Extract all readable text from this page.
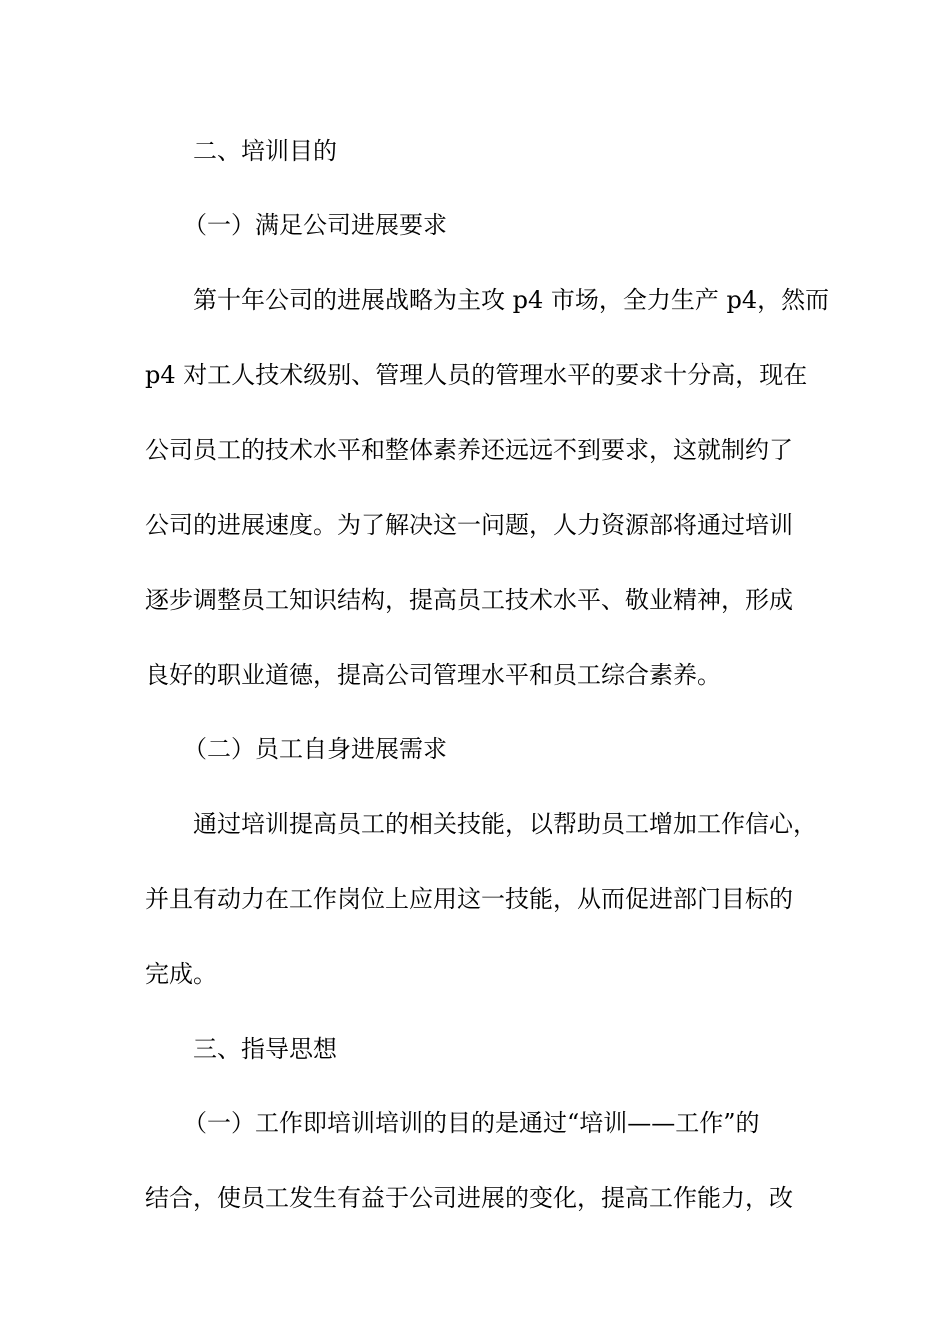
二、培训目的
（一）满足公司进展要求
第十年公司的进展战略为主攻 p4 市场，全力生产 p4，然而
p4 对工人技术级别、管理人员的管理水平的要求十分高，现在
公司员工的技术水平和整体素养还远远不到要求，这就制约了
公司的进展速度。为了解决这一问题，人力资源部将通过培训
逐步调整员工知识结构，提高员工技术水平、敬业精神，形成
良好的职业道德，提高公司管理水平和员工综合素养。
（二）员工自身进展需求
通过培训提高员工的相关技能，以帮助员工增加工作信心，
并且有动力在工作岗位上应用这一技能，从而促进部门目标的
完成。
三、指导思想
（一）工作即培训培训的目的是通过“培训——工作”的
结合，使员工发生有益于公司进展的变化，提高工作能力，改
